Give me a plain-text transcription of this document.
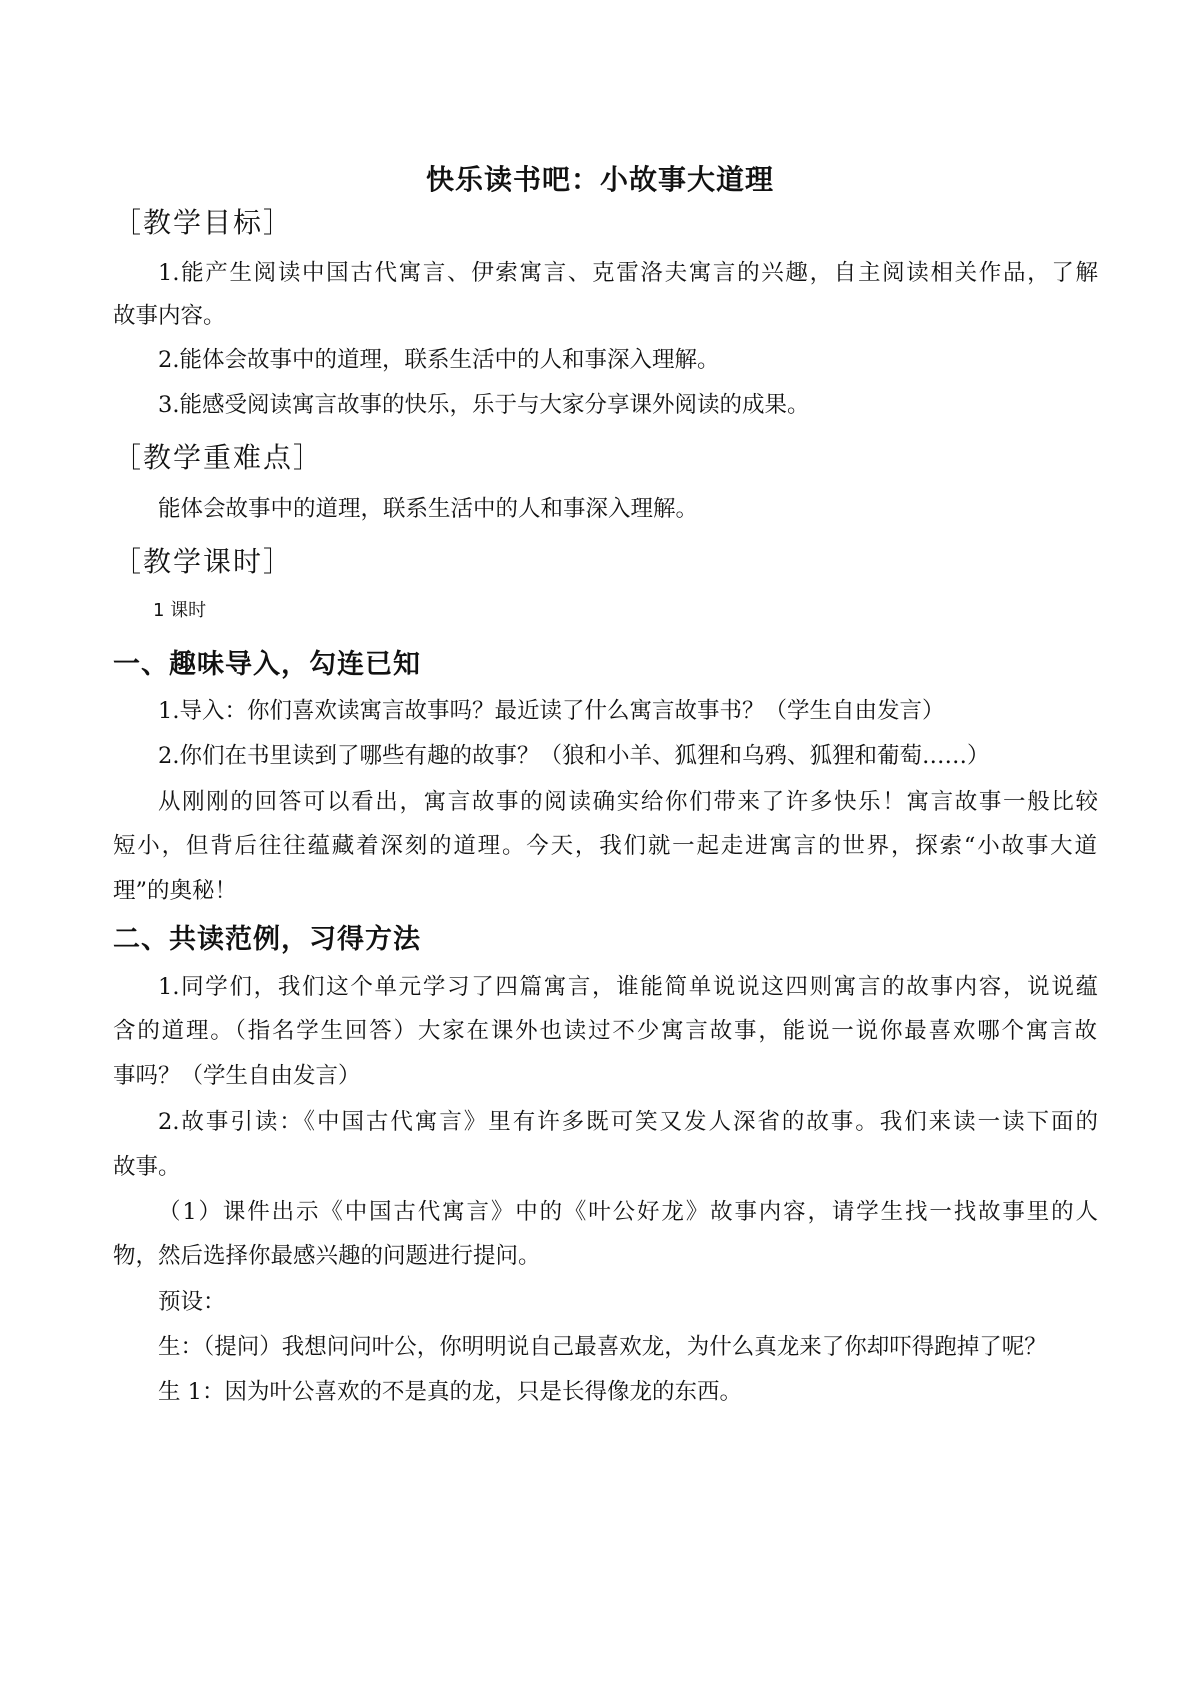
快乐读书吧：小故事大道理
［教学目标］
1.能产生阅读中国古代寓言、伊索寓言、克雷洛夫寓言的兴趣，自主阅读相关作品，了解
故事内容。
2.能体会故事中的道理，联系生活中的人和事深入理解。
3.能感受阅读寓言故事的快乐，乐于与大家分享课外阅读的成果。
［教学重难点］
能体会故事中的道理，联系生活中的人和事深入理解。
［教学课时］
1 课时
一、趣味导入，勾连已知
1.导入：你们喜欢读寓言故事吗？最近读了什么寓言故事书？（学生自由发言）
2.你们在书里读到了哪些有趣的故事？（狼和小羊、狐狸和乌鸦、狐狸和葡萄……）
从刚刚的回答可以看出，寓言故事的阅读确实给你们带来了许多快乐！寓言故事一般比较
短小，但背后往往蕴藏着深刻的道理。今天，我们就一起走进寓言的世界，探索“小故事大道
理”的奥秘！
二、共读范例，习得方法
1.同学们，我们这个单元学习了四篇寓言，谁能简单说说这四则寓言的故事内容，说说蕴
含的道理。（指名学生回答）大家在课外也读过不少寓言故事，能说一说你最喜欢哪个寓言故
事吗？（学生自由发言）
2.故事引读：《中国古代寓言》里有许多既可笑又发人深省的故事。我们来读一读下面的
故事。
（1）课件出示《中国古代寓言》中的《叶公好龙》故事内容，请学生找一找故事里的人
物，然后选择你最感兴趣的问题进行提问。
预设：
生：（提问）我想问问叶公，你明明说自己最喜欢龙，为什么真龙来了你却吓得跑掉了呢？
生 1：因为叶公喜欢的不是真的龙，只是长得像龙的东西。
